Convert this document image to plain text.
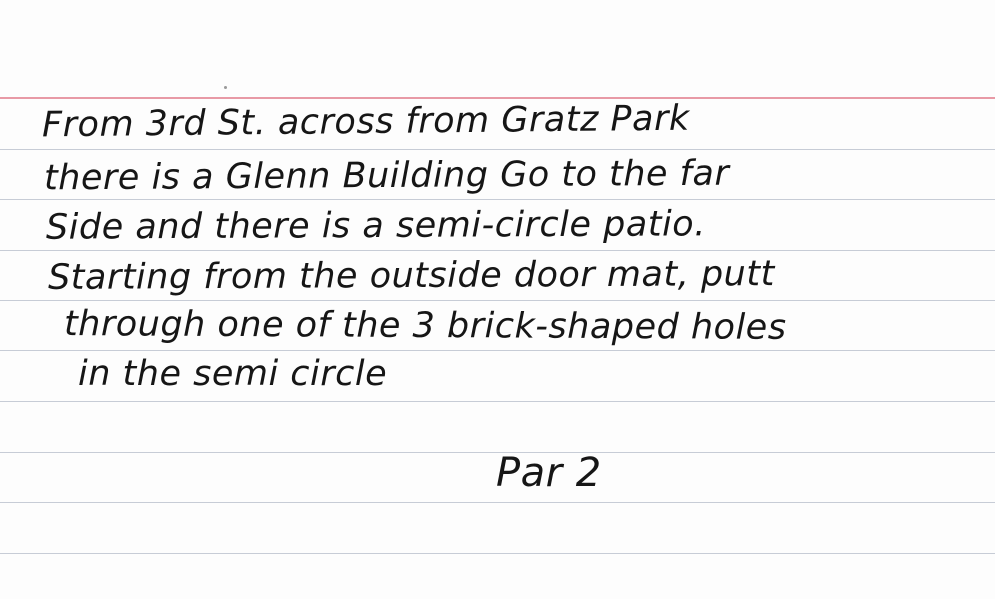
From 3rd St. across from Gratz Park
there is a Glenn Building Go to the far
Side and there is a semi-circle patio.
Starting from the outside door mat, putt
through one of the 3 brick-shaped holes
in the semi circle
Par 2
